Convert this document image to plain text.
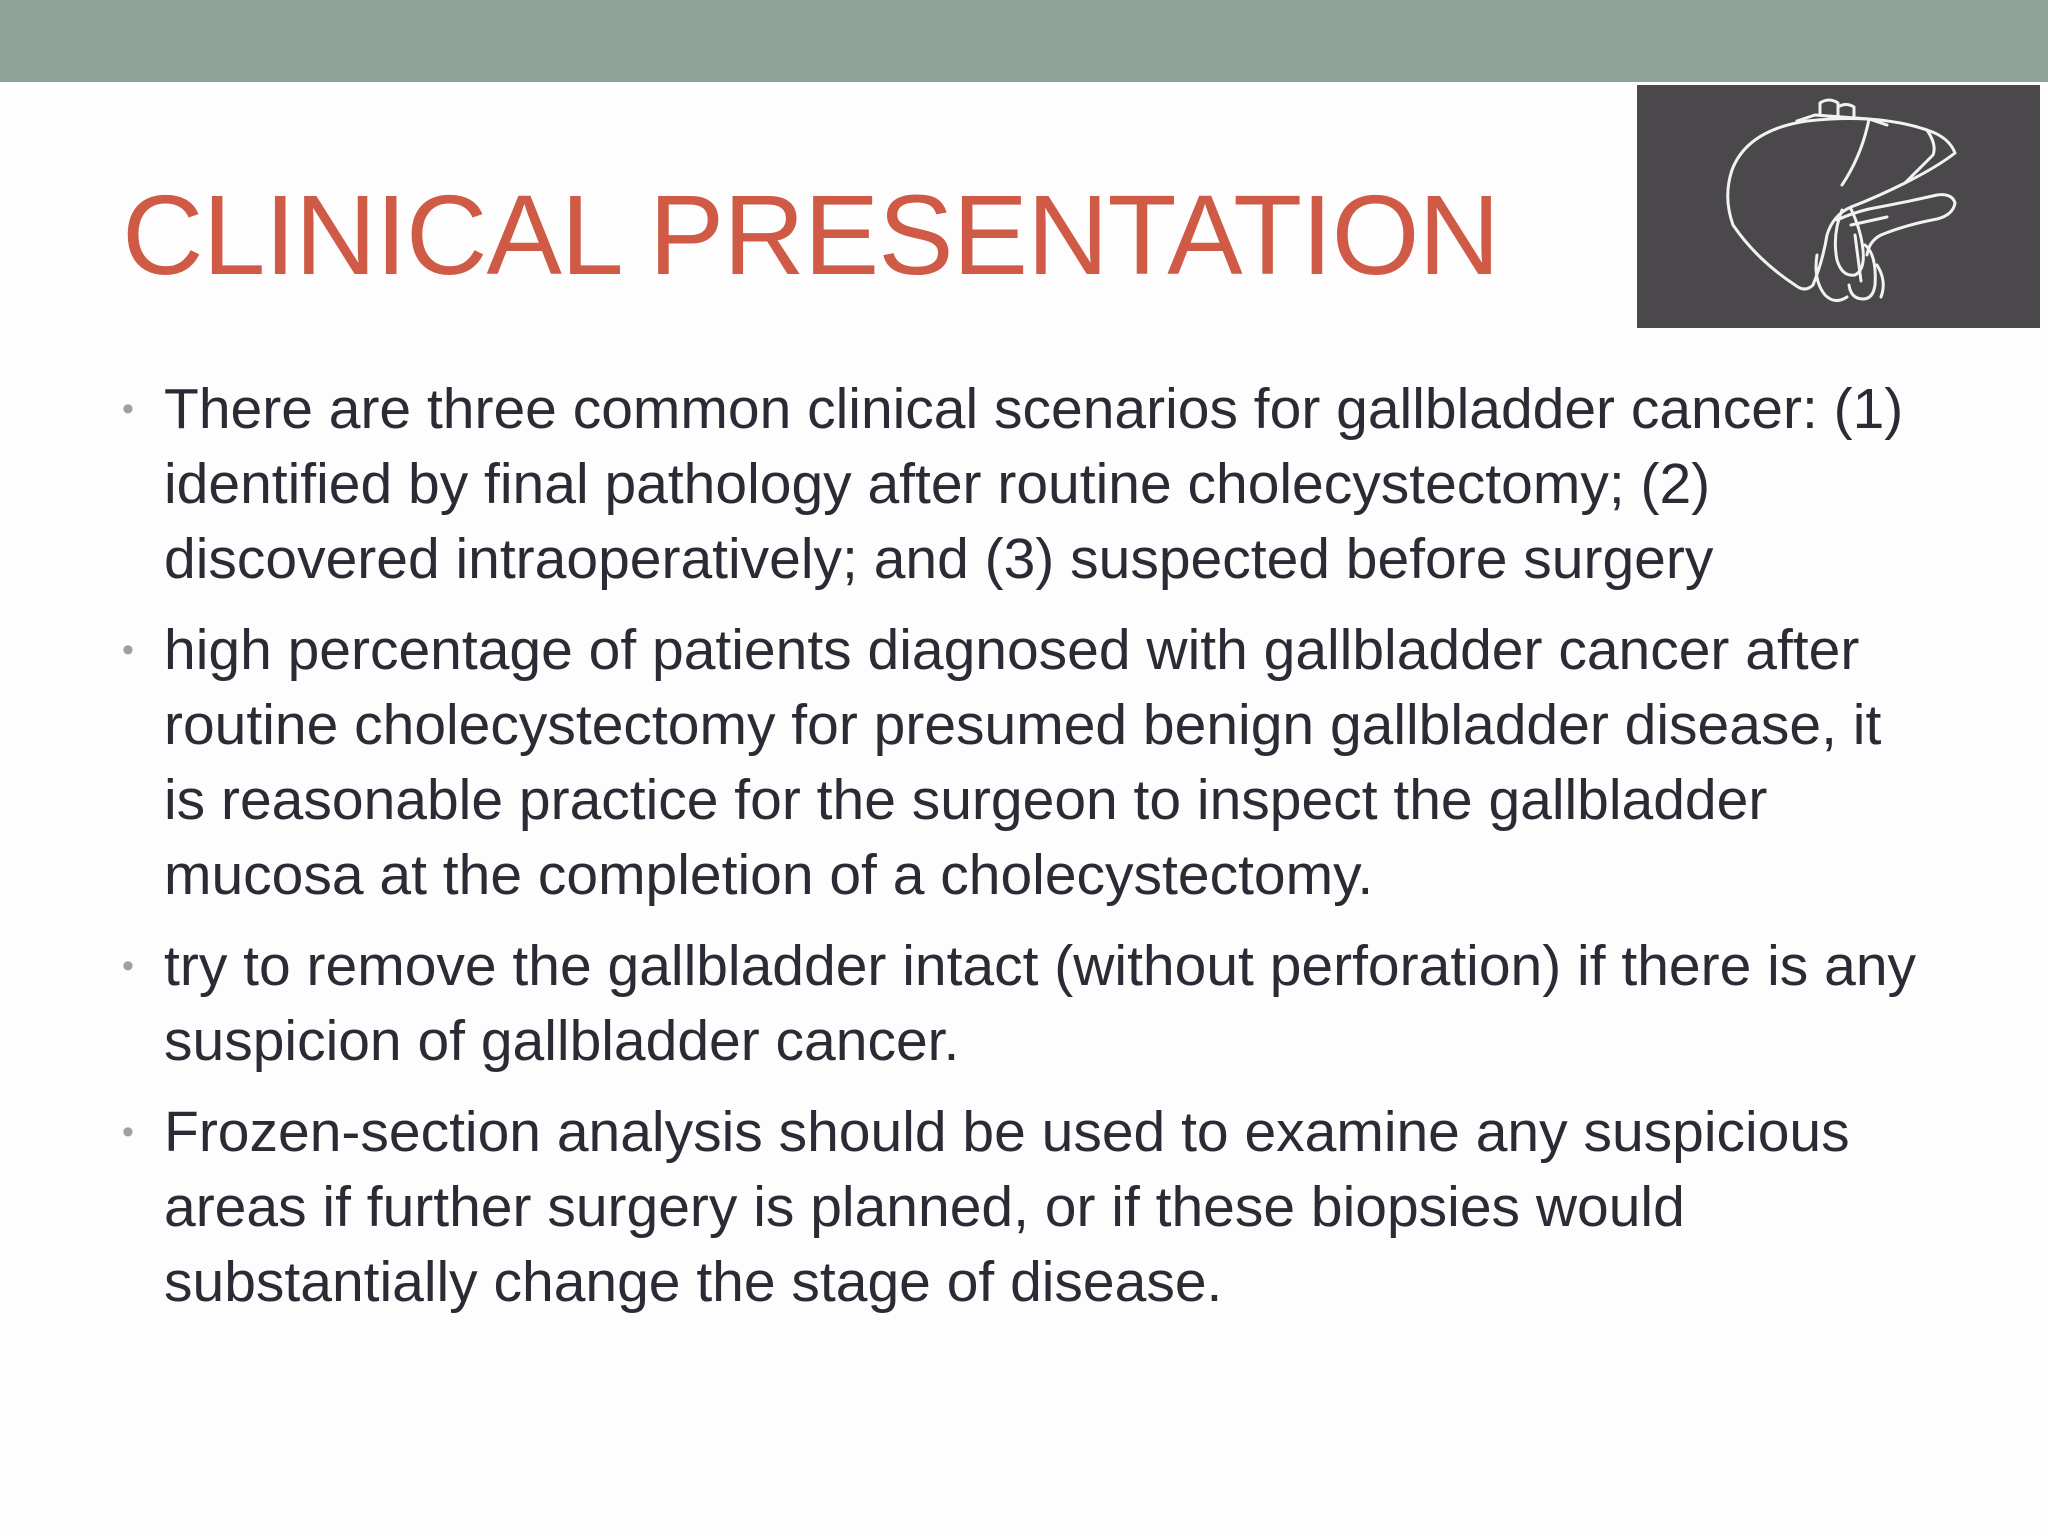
CLINICAL PRESENTATION
• There are three common clinical scenarios for gallbladder cancer: (1) identified by final pathology after routine cholecystectomy; (2) discovered intraoperatively; and (3) suspected before surgery
• high percentage of patients diagnosed with gallbladder cancer after routine cholecystectomy for presumed benign gallbladder disease, it is reasonable practice for the surgeon to inspect the gallbladder mucosa at the completion of a cholecystectomy.
• try to remove the gallbladder intact (without perforation) if there is any suspicion of gallbladder cancer.
• Frozen-section analysis should be used to examine any suspicious areas if further surgery is planned, or if these biopsies would substantially change the stage of disease.
